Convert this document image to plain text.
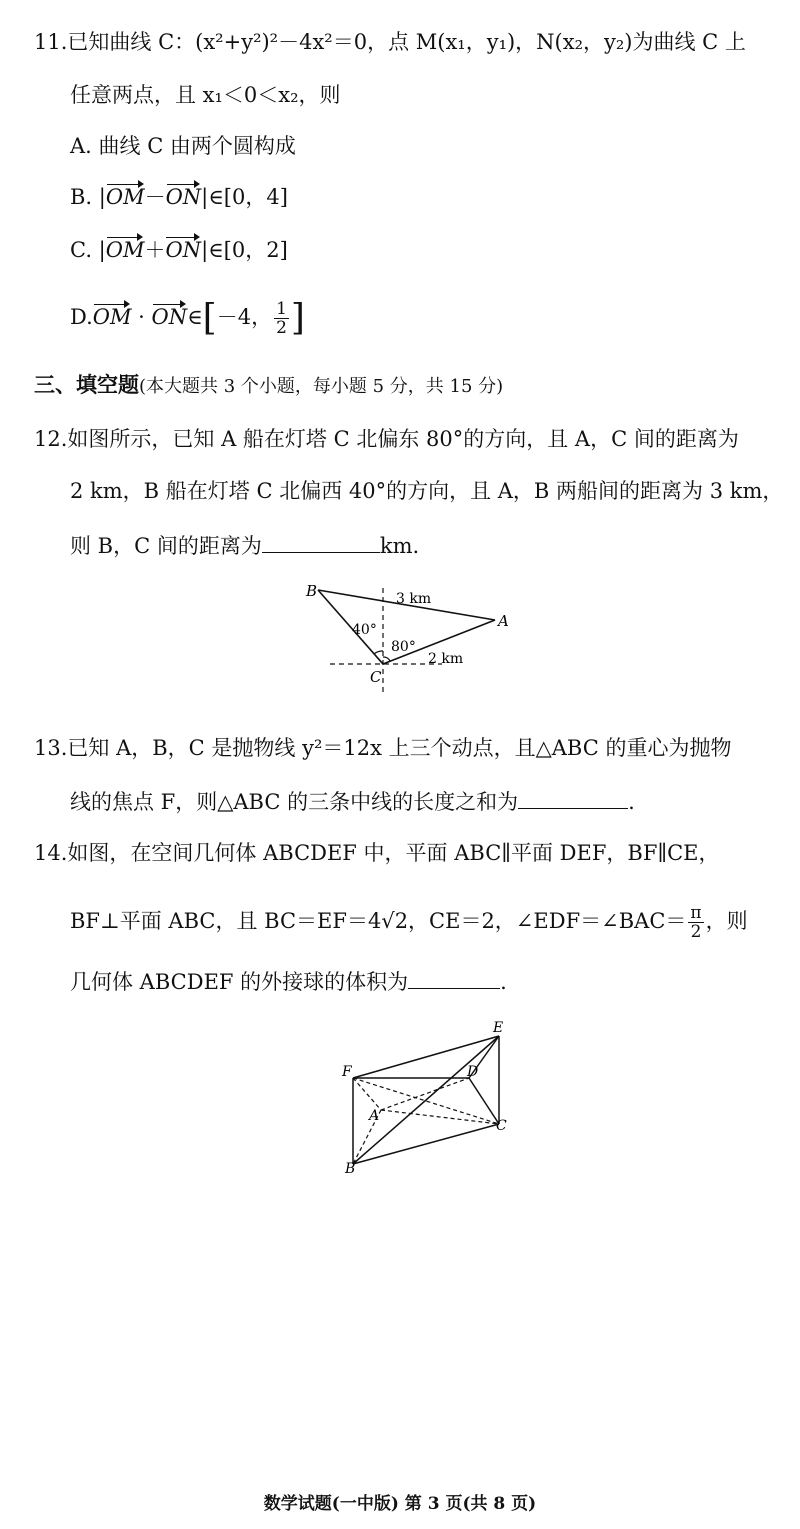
11.已知曲线 C：(x²+y²)²－4x²＝0，点 M(x₁，y₁)，N(x₂，y₂)为曲线 C 上
任意两点，且 x₁＜0＜x₂，则
A. 曲线 C 由两个圆构成
B. |OM－ON|∈[0，4]
C. |OM＋ON|∈[0，2]
D.OM · ON∈[－4， $\frac{1}{2}$ ]
三、填空题(本大题共 3 个小题，每小题 5 分，共 15 分)
12.如图所示，已知 A 船在灯塔 C 北偏东 80°的方向，且 A，C 间的距离为
2 km，B 船在灯塔 C 北偏西 40°的方向，且 A，B 两船间的距离为 3 km，
则 B，C 间的距离为	km.
B
A
C
3 km
2 km
40°
80°
13.已知 A，B，C 是抛物线 y²＝12x 上三个动点，且△ABC 的重心为抛物
线的焦点 F，则△ABC 的三条中线的长度之和为	.
14.如图，在空间几何体 ABCDEF 中，平面 ABC∥平面 DEF，BF∥CE，
BF⊥平面 ABC，且 BC＝EF＝4√2，CE＝2，∠EDF＝∠BAC＝ $\frac{\pi}{2}$ ，则
几何体 ABCDEF 的外接球的体积为	.
E
F	D
A
C
B
数学试题(一中版) 第 3 页(共 8 页)
